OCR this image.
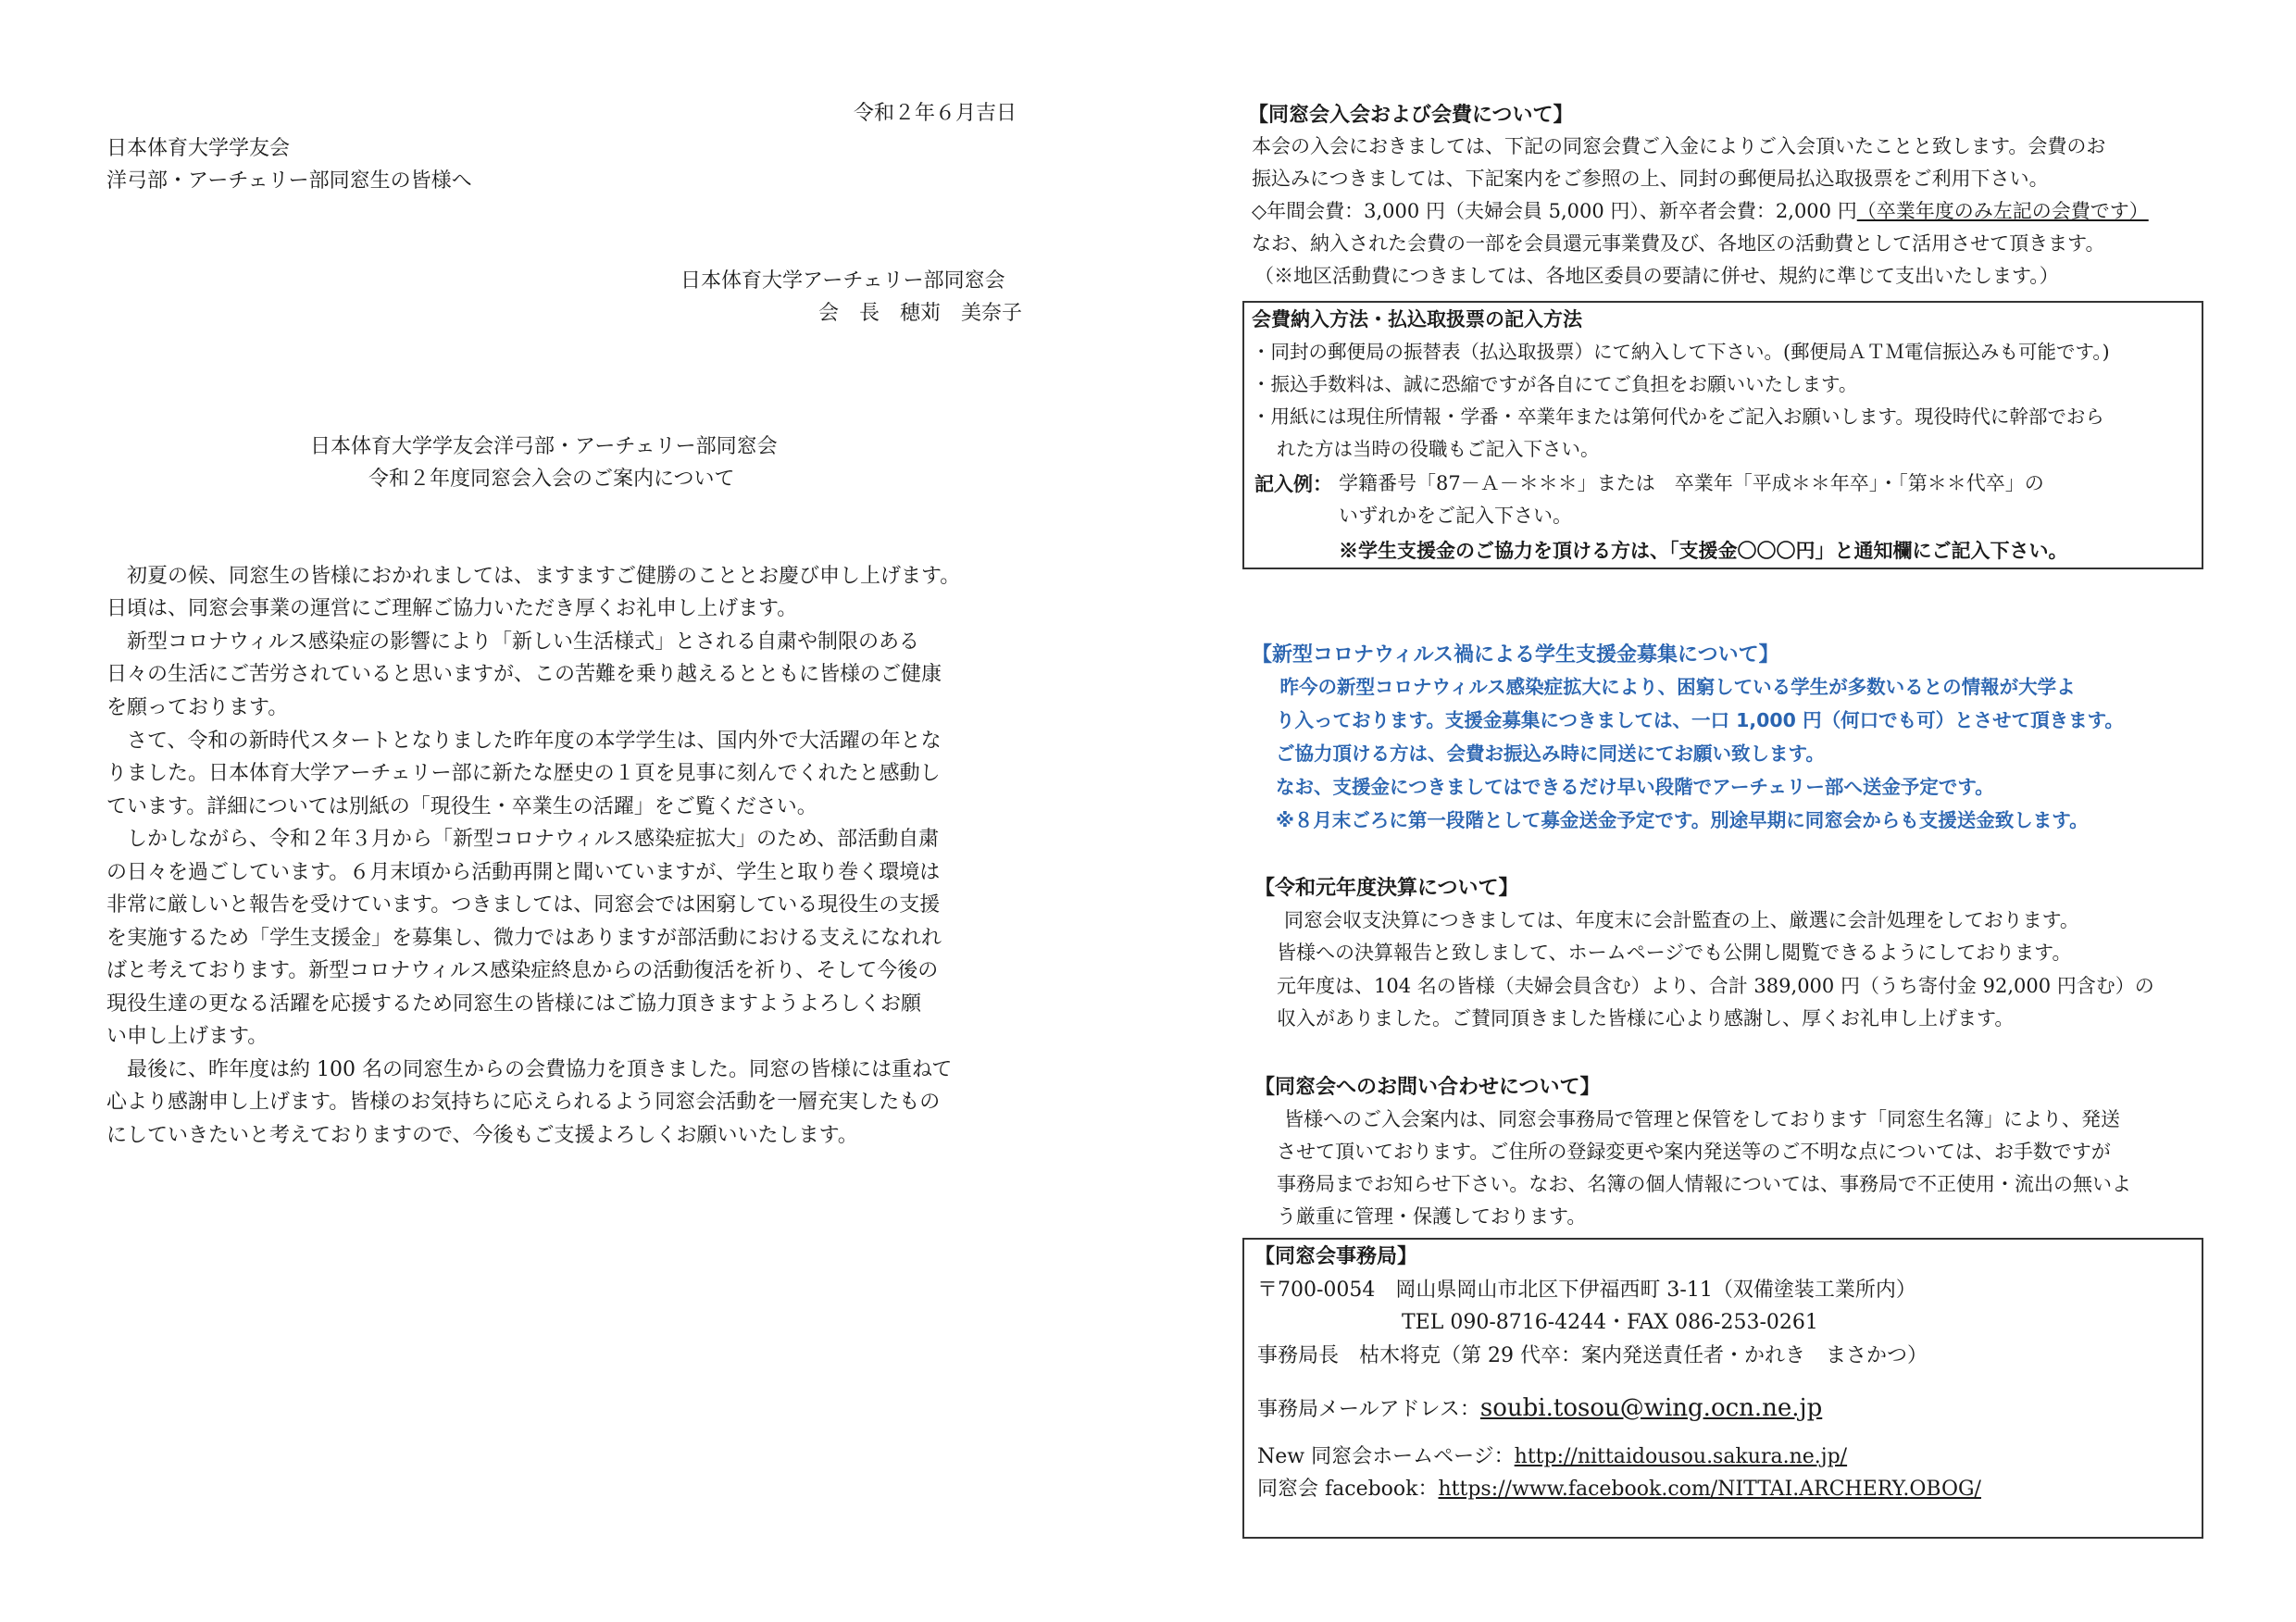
令和２年６月吉日
日本体育大学学友会
洋弓部・アーチェリー部同窓生の皆様へ
日本体育大学アーチェリー部同窓会
会　長　穂苅　美奈子
日本体育大学学友会洋弓部・アーチェリー部同窓会
令和２年度同窓会入会のご案内について
　初夏の候、同窓生の皆様におかれましては、ますますご健勝のこととお慶び申し上げます。
日頃は、同窓会事業の運営にご理解ご協力いただき厚くお礼申し上げます。
　新型コロナウィルス感染症の影響により「新しい生活様式」とされる自粛や制限のある
日々の生活にご苦労されていると思いますが、この苦難を乗り越えるとともに皆様のご健康
を願っております。
　さて、令和の新時代スタートとなりました昨年度の本学学生は、国内外で大活躍の年とな
りました。日本体育大学アーチェリー部に新たな歴史の１頁を見事に刻んでくれたと感動し
ています。詳細については別紙の「現役生・卒業生の活躍」をご覧ください。
　しかしながら、令和２年３月から「新型コロナウィルス感染症拡大」のため、部活動自粛
の日々を過ごしています。６月末頃から活動再開と聞いていますが、学生と取り巻く環境は
非常に厳しいと報告を受けています。つきましては、同窓会では困窮している現役生の支援
を実施するため「学生支援金」を募集し、微力ではありますが部活動における支えになれれ
ばと考えております。新型コロナウィルス感染症終息からの活動復活を祈り、そして今後の
現役生達の更なる活躍を応援するため同窓生の皆様にはご協力頂きますようよろしくお願
い申し上げます。
　最後に、昨年度は約 100 名の同窓生からの会費協力を頂きました。同窓の皆様には重ねて
心より感謝申し上げます。皆様のお気持ちに応えられるよう同窓会活動を一層充実したもの
にしていきたいと考えておりますので、今後もご支援よろしくお願いいたします。
【同窓会入会および会費について】
本会の入会におきましては、下記の同窓会費ご入金によりご入会頂いたことと致します。会費のお
振込みにつきましては、下記案内をご参照の上、同封の郵便局払込取扱票をご利用下さい。
◇年間会費：3,000 円（夫婦会員 5,000 円）、新卒者会費：2,000 円（卒業年度のみ左記の会費です）
なお、納入された会費の一部を会員還元事業費及び、各地区の活動費として活用させて頂きます。
（※地区活動費につきましては、各地区委員の要請に併せ、規約に準じて支出いたします。）
会費納入方法・払込取扱票の記入方法
・同封の郵便局の振替表（払込取扱票）にて納入して下さい。(郵便局ＡＴＭ電信振込みも可能です。)
・振込手数料は、誠に恐縮ですが各自にてご負担をお願いいたします。
・用紙には現住所情報・学番・卒業年または第何代かをご記入お願いします。現役時代に幹部でおら
れた方は当時の役職もご記入下さい。
記入例： 学籍番号「87－Ａ－＊＊＊」または　卒業年「平成＊＊年卒」・「第＊＊代卒」の
いずれかをご記入下さい。
※学生支援金のご協力を頂ける方は、「支援金〇〇〇円」と通知欄にご記入下さい。
【新型コロナウィルス禍による学生支援金募集について】
　昨今の新型コロナウィルス感染症拡大により、困窮している学生が多数いるとの情報が大学よ
り入っております。支援金募集につきましては、一口 1,000 円（何口でも可）とさせて頂きます。
ご協力頂ける方は、会費お振込み時に同送にてお願い致します。
なお、支援金につきましてはできるだけ早い段階でアーチェリー部へ送金予定です。
※８月末ごろに第一段階として募金送金予定です。別途早期に同窓会からも支援送金致します。
【令和元年度決算について】
　同窓会収支決算につきましては、年度末に会計監査の上、厳選に会計処理をしております。
皆様への決算報告と致しまして、ホームページでも公開し閲覧できるようにしております。
元年度は、104 名の皆様（夫婦会員含む）より、合計 389,000 円（うち寄付金 92,000 円含む）の
収入がありました。ご賛同頂きました皆様に心より感謝し、厚くお礼申し上げます。
【同窓会へのお問い合わせについて】
　皆様へのご入会案内は、同窓会事務局で管理と保管をしております「同窓生名簿」により、発送
させて頂いております。ご住所の登録変更や案内発送等のご不明な点については、お手数ですが
事務局までお知らせ下さい。なお、名簿の個人情報については、事務局で不正使用・流出の無いよ
う厳重に管理・保護しております。
【同窓会事務局】
〒700-0054　岡山県岡山市北区下伊福西町 3-11（双備塗装工業所内）
TEL 090-8716-4244・FAX 086-253-0261
事務局長　枯木将克（第 29 代卒：案内発送責任者・かれき　まさかつ）
事務局メールアドレス：soubi.tosou@wing.ocn.ne.jp
New 同窓会ホームページ：http://nittaidousou.sakura.ne.jp/
同窓会 facebook：https://www.facebook.com/NITTAI.ARCHERY.OBOG/
